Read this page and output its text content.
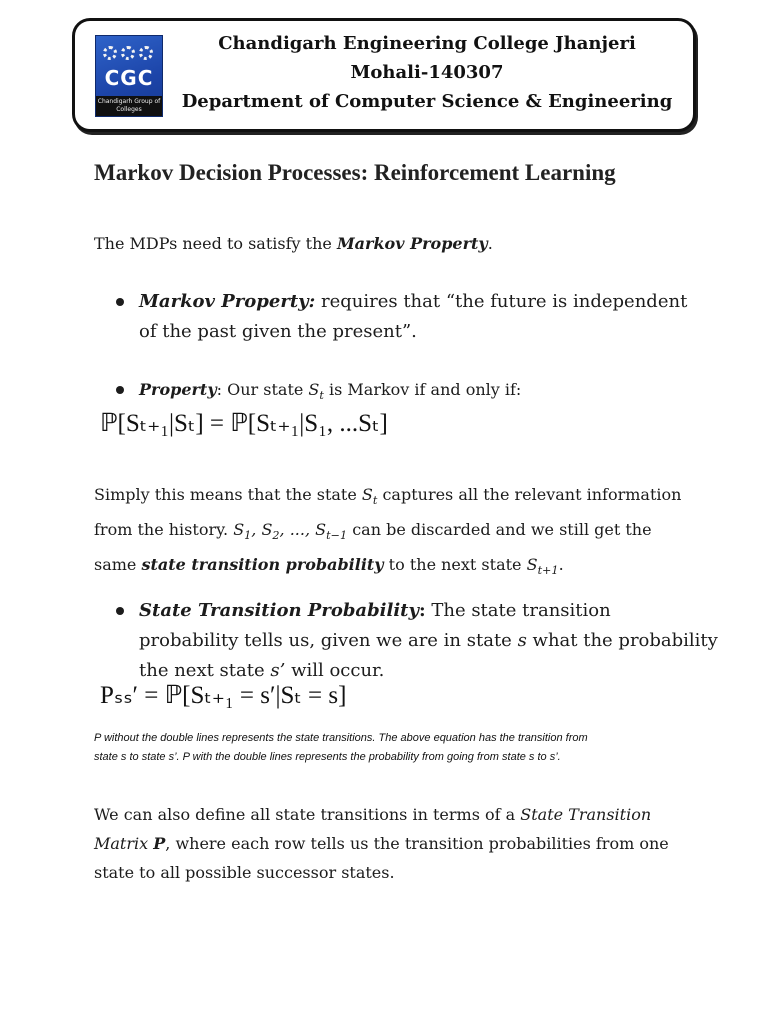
CGC
Chandigarh Group of Colleges
Chandigarh Engineering College Jhanjeri
Mohali-140307
Department of Computer Science & Engineering
Markov Decision Processes: Reinforcement Learning
The MDPs need to satisfy the Markov Property.
Markov Property: requires that “the future is independent
of the past given the present”.
Property: Our state $S_t$ is Markov if and only if:
ℙ[Sₜ₊₁|Sₜ] = ℙ[Sₜ₊₁|S₁, ...Sₜ]
Simply this means that the state $S_t$ captures all the relevant information
from the history. $S_1$, $S_2$, ..., $S_{t-1}$ can be discarded and we still get the
same state transition probability to the next state $S_{t+1}$.
State Transition Probability: The state transition
probability tells us, given we are in state s what the probability
the next state s’ will occur.
Pₛₛ′ = ℙ[Sₜ₊₁ = s′|Sₜ = s]
P without the double lines represents the state transitions. The above equation has the transition from
state s to state s’. P with the double lines represents the probability from going from state s to s’.
We can also define all state transitions in terms of a State Transition
Matrix P, where each row tells us the transition probabilities from one
state to all possible successor states.
